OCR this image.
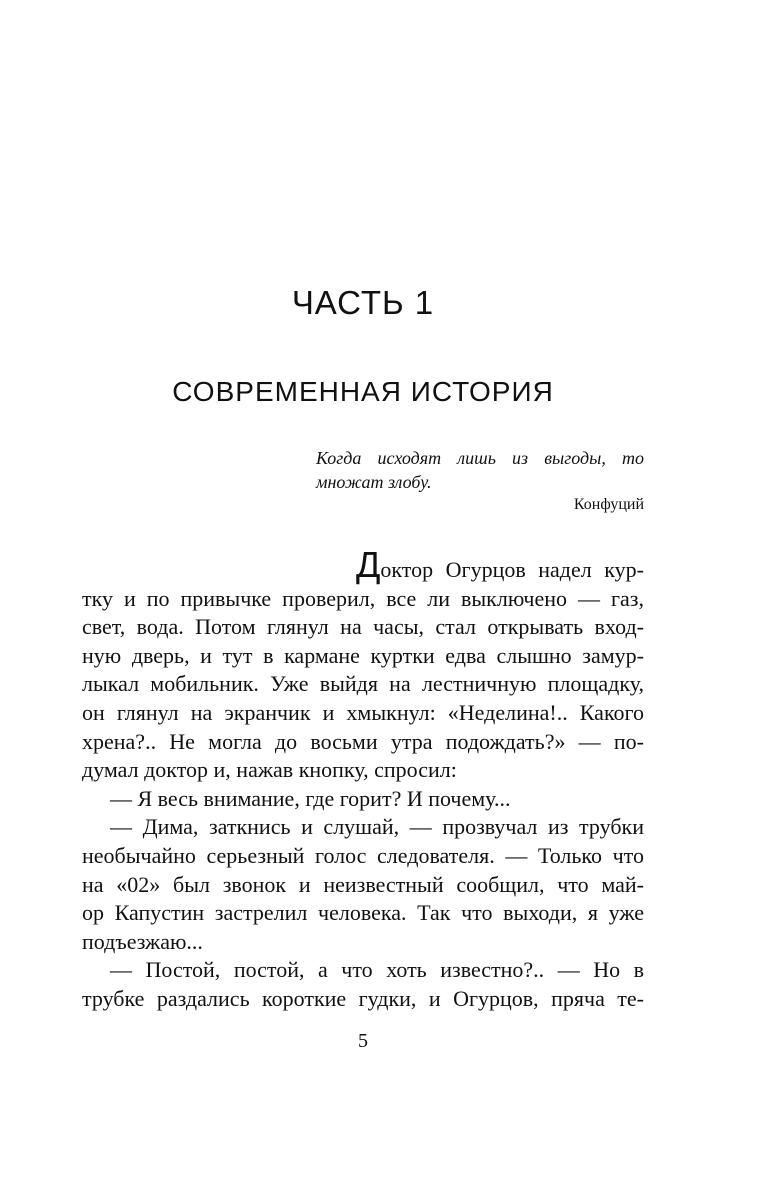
ЧАСТЬ 1
СОВРЕМЕННАЯ ИСТОРИЯ
Когда исходят лишь из выгоды, то
множат злобу.
Конфуций
Доктор Огурцов надел кур-
тку и по привычке проверил, все ли выключено — газ,
свет, вода. Потом глянул на часы, стал открывать вход-
ную дверь, и тут в кармане куртки едва слышно замур-
лыкал мобильник. Уже выйдя на лестничную площадку,
он глянул на экранчик и хмыкнул: «Неделина!.. Какого
хрена?.. Не могла до восьми утра подождать?» — по-
думал доктор и, нажав кнопку, спросил:
— Я весь внимание, где горит? И почему...
— Дима, заткнись и слушай, — прозвучал из трубки
необычайно серьезный голос следователя. — Только что
на «02» был звонок и неизвестный сообщил, что май-
ор Капустин застрелил человека. Так что выходи, я уже
подъезжаю...
— Постой, постой, а что хоть известно?.. — Но в
трубке раздались короткие гудки, и Огурцов, пряча те-
5
